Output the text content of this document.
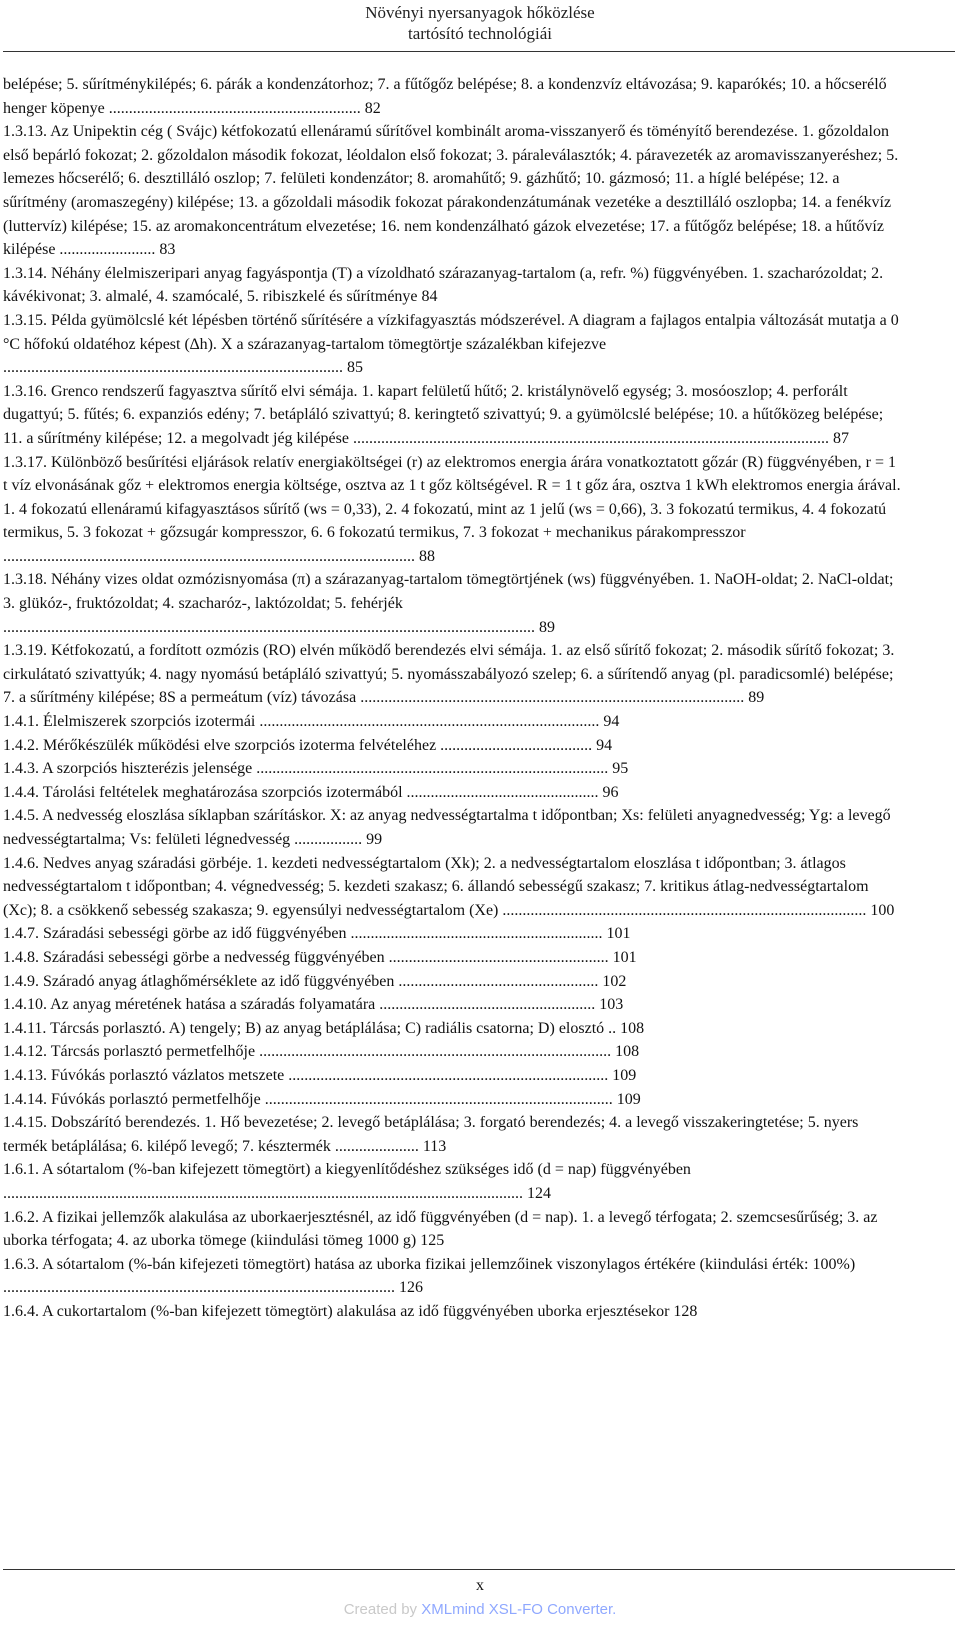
Növényi nyersanyagok hőközlése
tartósító technológiái

belépése; 5. sűrítménykilépés; 6. párák a kondenzátorhoz; 7. a fűtőgőz belépése; 8. a kondenzvíz eltávozása; 9. kaparókés; 10. a hőcserélő henger köpenye ............................................................... 82

1.3.13. Az Unipektin cég ( Svájc) kétfokozatú ellenáramú sűrítővel kombinált aroma-visszanyerő és töményítő berendezése. 1. gőzoldalon első bepárló fokozat; 2. gőzoldalon második fokozat, léoldalon első fokozat; 3. páraleválasztók; 4. páravezeték az aromavisszanyeréshez; 5. lemezes hőcserélő; 6. desztilláló oszlop; 7. felületi kondenzátor; 8. aromahűtő; 9. gázhűtő; 10. gázmosó; 11. a híglé belépése; 12. a sűrítmény (aromaszegény) kilépése; 13. a gőzoldali második fokozat párakondenzátumának vezetéke a desztilláló oszlopba; 14. a fenékvíz (luttervíz) kilépése; 15. az aromakoncentrátum elvezetése; 16. nem kondenzálható gázok elvezetése; 17. a fűtőgőz belépése; 18. a hűtővíz kilépése ........................ 83

1.3.14. Néhány élelmiszeripari anyag fagyáspontja (T) a vízoldható szárazanyag-tartalom (a, refr. %) függvényében. 1. szacharózoldat; 2. kávékivonat; 3. almalé, 4. szamócalé, 5. ribiszkelé és sűrítménye 84

1.3.15. Példa gyümölcslé két lépésben történő sűrítésére a vízkifagyasztás módszerével. A diagram a fajlagos entalpia változását mutatja a 0 °C hőfokú oldatéhoz képest (∆h). X a szárazanyag-tartalom tömegtörtje százalékban kifejezve ..................................................................................... 85

1.3.16. Grenco rendszerű fagyasztva sűrítő elvi sémája. 1. kapart felületű hűtő; 2. kristálynövelő egység; 3. mosóoszlop; 4. perforált dugattyú; 5. fűtés; 6. expanziós edény; 7. betápláló szivattyú; 8. keringtető szivattyú; 9. a gyümölcslé belépése; 10. a hűtőközeg belépése; 11. a sűrítmény kilépése; 12. a megolvadt jég kilépése ....................................................................................................................... 87

1.3.17. Különböző besűrítési eljárások relatív energiaköltségei (r) az elektromos energia árára vonatkoztatott gőzár (R) függvényében, r = 1 t víz elvonásának gőz + elektromos energia költsége, osztva az 1 t gőz költségével. R = 1 t gőz ára, osztva 1 kWh elektromos energia árával. 1. 4 fokozatú ellenáramú kifagyasztásos sűrítő (ws = 0,33), 2. 4 fokozatú, mint az 1 jelű (ws = 0,66), 3. 3 fokozatú termikus, 4. 4 fokozatú termikus, 5. 3 fokozat + gőzsugár kompresszor, 6. 6 fokozatú termikus, 7. 3 fokozat + mechanikus párakompresszor ....................................................................................................... 88

1.3.18. Néhány vizes oldat ozmózisnyomása (π) a szárazanyag-tartalom tömegtörtjének (ws) függvényében. 1. NaOH-oldat; 2. NaCl-oldat; 3. glükóz-, fruktózoldat; 4. szacharóz-, laktózoldat; 5. fehérjék ..................................................................................................................................... 89

1.3.19. Kétfokozatú, a fordított ozmózis (RO) elvén működő berendezés elvi sémája. 1. az első sűrítő fokozat; 2. második sűrítő fokozat; 3. cirkulátató szivattyúk; 4. nagy nyomású betápláló szivattyú; 5. nyomásszabályozó szelep; 6. a sűrítendő anyag (pl. paradicsomlé) belépése; 7. a sűrítmény kilépése; 8S a permeátum (víz) távozása ................................................................................................ 89

1.4.1. Élelmiszerek szorpciós izotermái ..................................................................................... 94

1.4.2. Mérőkészülék működési elve szorpciós izoterma felvételéhez ...................................... 94

1.4.3. A szorpciós hiszterézis jelensége ........................................................................................ 95

1.4.4. Tárolási feltételek meghatározása szorpciós izotermából ................................................ 96

1.4.5. A nedvesség eloszlása síklapban szárításkor. X: az anyag nedvességtartalma t időpontban; Xs: felületi anyagnedvesség; Yg: a levegő nedvességtartalma; Vs: felületi légnedvesség ................. 99

1.4.6. Nedves anyag száradási görbéje. 1. kezdeti nedvességtartalom (Xk); 2. a nedvességtartalom eloszlása t időpontban; 3. átlagos nedvességtartalom t időpontban; 4. végnedvesség; 5. kezdeti szakasz; 6. állandó sebességű szakasz; 7. kritikus átlag-nedvességtartalom (Xc); 8. a csökkenő sebesség szakasza; 9. egyensúlyi nedvességtartalom (Xe) ........................................................................................... 100

1.4.7. Száradási sebességi görbe az idő függvényében ............................................................... 101

1.4.8. Száradási sebességi görbe a nedvesség függvényében ....................................................... 101

1.4.9. Száradó anyag átlaghőmérséklete az idő függvényében .................................................. 102

1.4.10. Az anyag méretének hatása a száradás folyamatára ...................................................... 103

1.4.11. Tárcsás porlasztó. A) tengely; B) az anyag betáplálása; C) radiális csatorna; D) elosztó .. 108

1.4.12. Tárcsás porlasztó permetfelhője ........................................................................................ 108

1.4.13. Fúvókás porlasztó vázlatos metszete ................................................................................ 109

1.4.14. Fúvókás porlasztó permetfelhője ....................................................................................... 109

1.4.15. Dobszárító berendezés. 1. Hő bevezetése; 2. levegő betáplálása; 3. forgató berendezés; 4. a levegő visszakeringtetése; 5. nyers termék betáplálása; 6. kilépő levegő; 7. késztermék ..................... 113

1.6.1. A sótartalom (%-ban kifejezett tömegtört) a kiegyenlítődéshez szükséges idő (d = nap) függvényében .................................................................................................................................. 124

1.6.2. A fizikai jellemzők alakulása az uborkaerjesztésnél, az idő függvényében (d = nap). 1. a levegő térfogata; 2. szemcsesűrűség; 3. az uborka térfogata; 4. az uborka tömege (kiindulási tömeg 1000 g) 125

1.6.3. A sótartalom (%-bán kifejezeti tömegtört) hatása az uborka fizikai jellemzőinek viszonylagos értékére (kiindulási érték: 100%) .................................................................................................. 126

1.6.4. A cukortartalom (%-ban kifejezett tömegtört) alakulása az idő függvényében uborka erjesztésekor 128

x
Created by XMLmind XSL-FO Converter.
